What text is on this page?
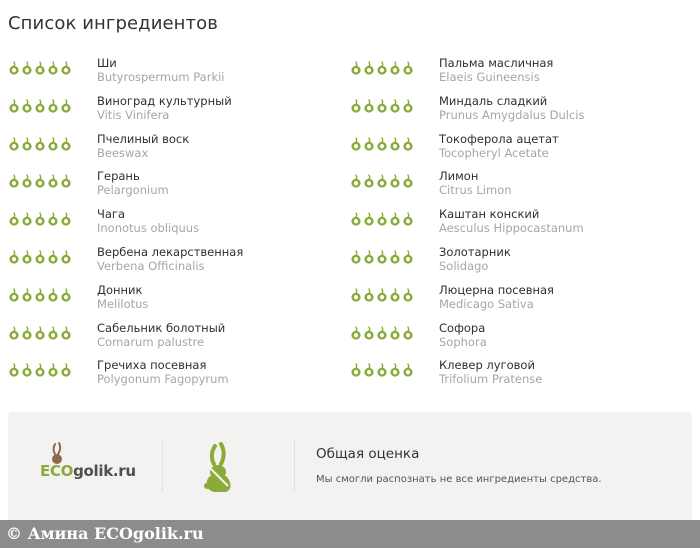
Список ингредиентов
Ши
Butyrospermum Parkii
Виноград культурный
Vitis Vinifera
Пчелиный воск
Beeswax
Герань
Pelargonium
Чага
Inonotus obliquus
Вербена лекарственная
Verbena Officinalis
Донник
Melilotus
Сабельник болотный
Comarum palustre
Гречиха посевная
Polygonum Fagopyrum
Пальма масличная
Elaeis Guineensis
Миндаль сладкий
Prunus Amygdalus Dulcis
Токоферола ацетат
Tocopheryl Acetate
Лимон
Citrus Limon
Каштан конский
Aesculus Hippocastanum
Золотарник
Solidago
Люцерна посевная
Medicago Sativa
Софора
Sophora
Клевер луговой
Trifolium Pratense
ECOgolik.ru
Общая оценка
Мы смогли распознать не все ингредиенты средства.
© Амина ECOgolik.ru
